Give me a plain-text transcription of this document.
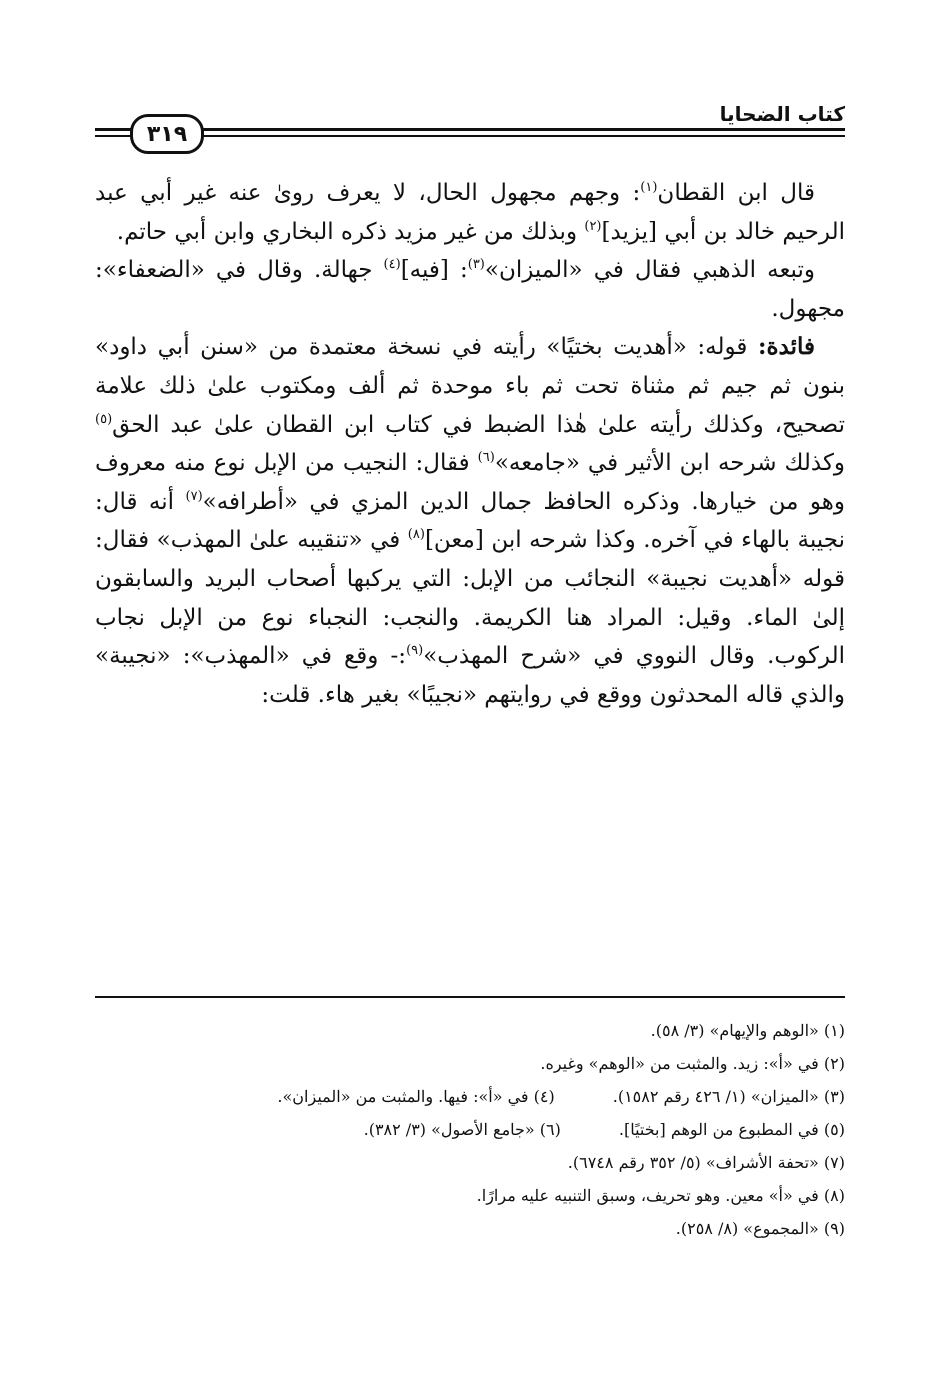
كتاب الضحايا
٣١٩

قال ابن القطان$^{(١)}$: وجهم مجهول الحال، لا يعرف روىٰ عنه غير أبي عبد الرحيم خالد بن أبي [يزيد]$^{(٢)}$ وبذلك من غير مزيد ذكره البخاري وابن أبي حاتم.

وتبعه الذهبي فقال في «الميزان»$^{(٣)}$: [فيه]$^{(٤)}$ جهالة. وقال في «الضعفاء»: مجهول.

فائدة: قوله: «أهديت بختيًا» رأيته في نسخة معتمدة من «سنن أبي داود» بنون ثم جيم ثم مثناة تحت ثم باء موحدة ثم ألف ومكتوب علىٰ ذلك علامة تصحيح، وكذلك رأيته علىٰ هٰذا الضبط في كتاب ابن القطان علىٰ عبد الحق$^{(٥)}$ وكذلك شرحه ابن الأثير في «جامعه»$^{(٦)}$ فقال: النجيب من الإبل نوع منه معروف وهو من خيارها. وذكره الحافظ جمال الدين المزي في «أطرافه»$^{(٧)}$ أنه قال: نجيبة بالهاء في آخره. وكذا شرحه ابن [معن]$^{(٨)}$ في «تنقيبه علىٰ المهذب» فقال: قوله «أهديت نجيبة» النجائب من الإبل: التي يركبها أصحاب البريد والسابقون إلىٰ الماء. وقيل: المراد هنا الكريمة. والنجب: النجباء نوع من الإبل نجاب الركوب. وقال النووي في «شرح المهذب»$^{(٩)}$:- وقع في «المهذب»: «نجيبة» والذي قاله المحدثون ووقع في روايتهم «نجيبًا» بغير هاء. قلت:

(١) «الوهم والإيهام» (٣/ ٥٨).
(٢) في «أ»: زيد. والمثبت من «الوهم» وغيره.
(٣) «الميزان» (١/ ٤٢٦ رقم ١٥٨٢).
(٤) في «أ»: فيها. والمثبت من «الميزان».
(٥) في المطبوع من الوهم [بختيًا].
(٦) «جامع الأصول» (٣/ ٣٨٢).
(٧) «تحفة الأشراف» (٥/ ٣٥٢ رقم ٦٧٤٨).
(٨) في «أ» معين. وهو تحريف، وسبق التنبيه عليه مرارًا.
(٩) «المجموع» (٨/ ٢٥٨).
